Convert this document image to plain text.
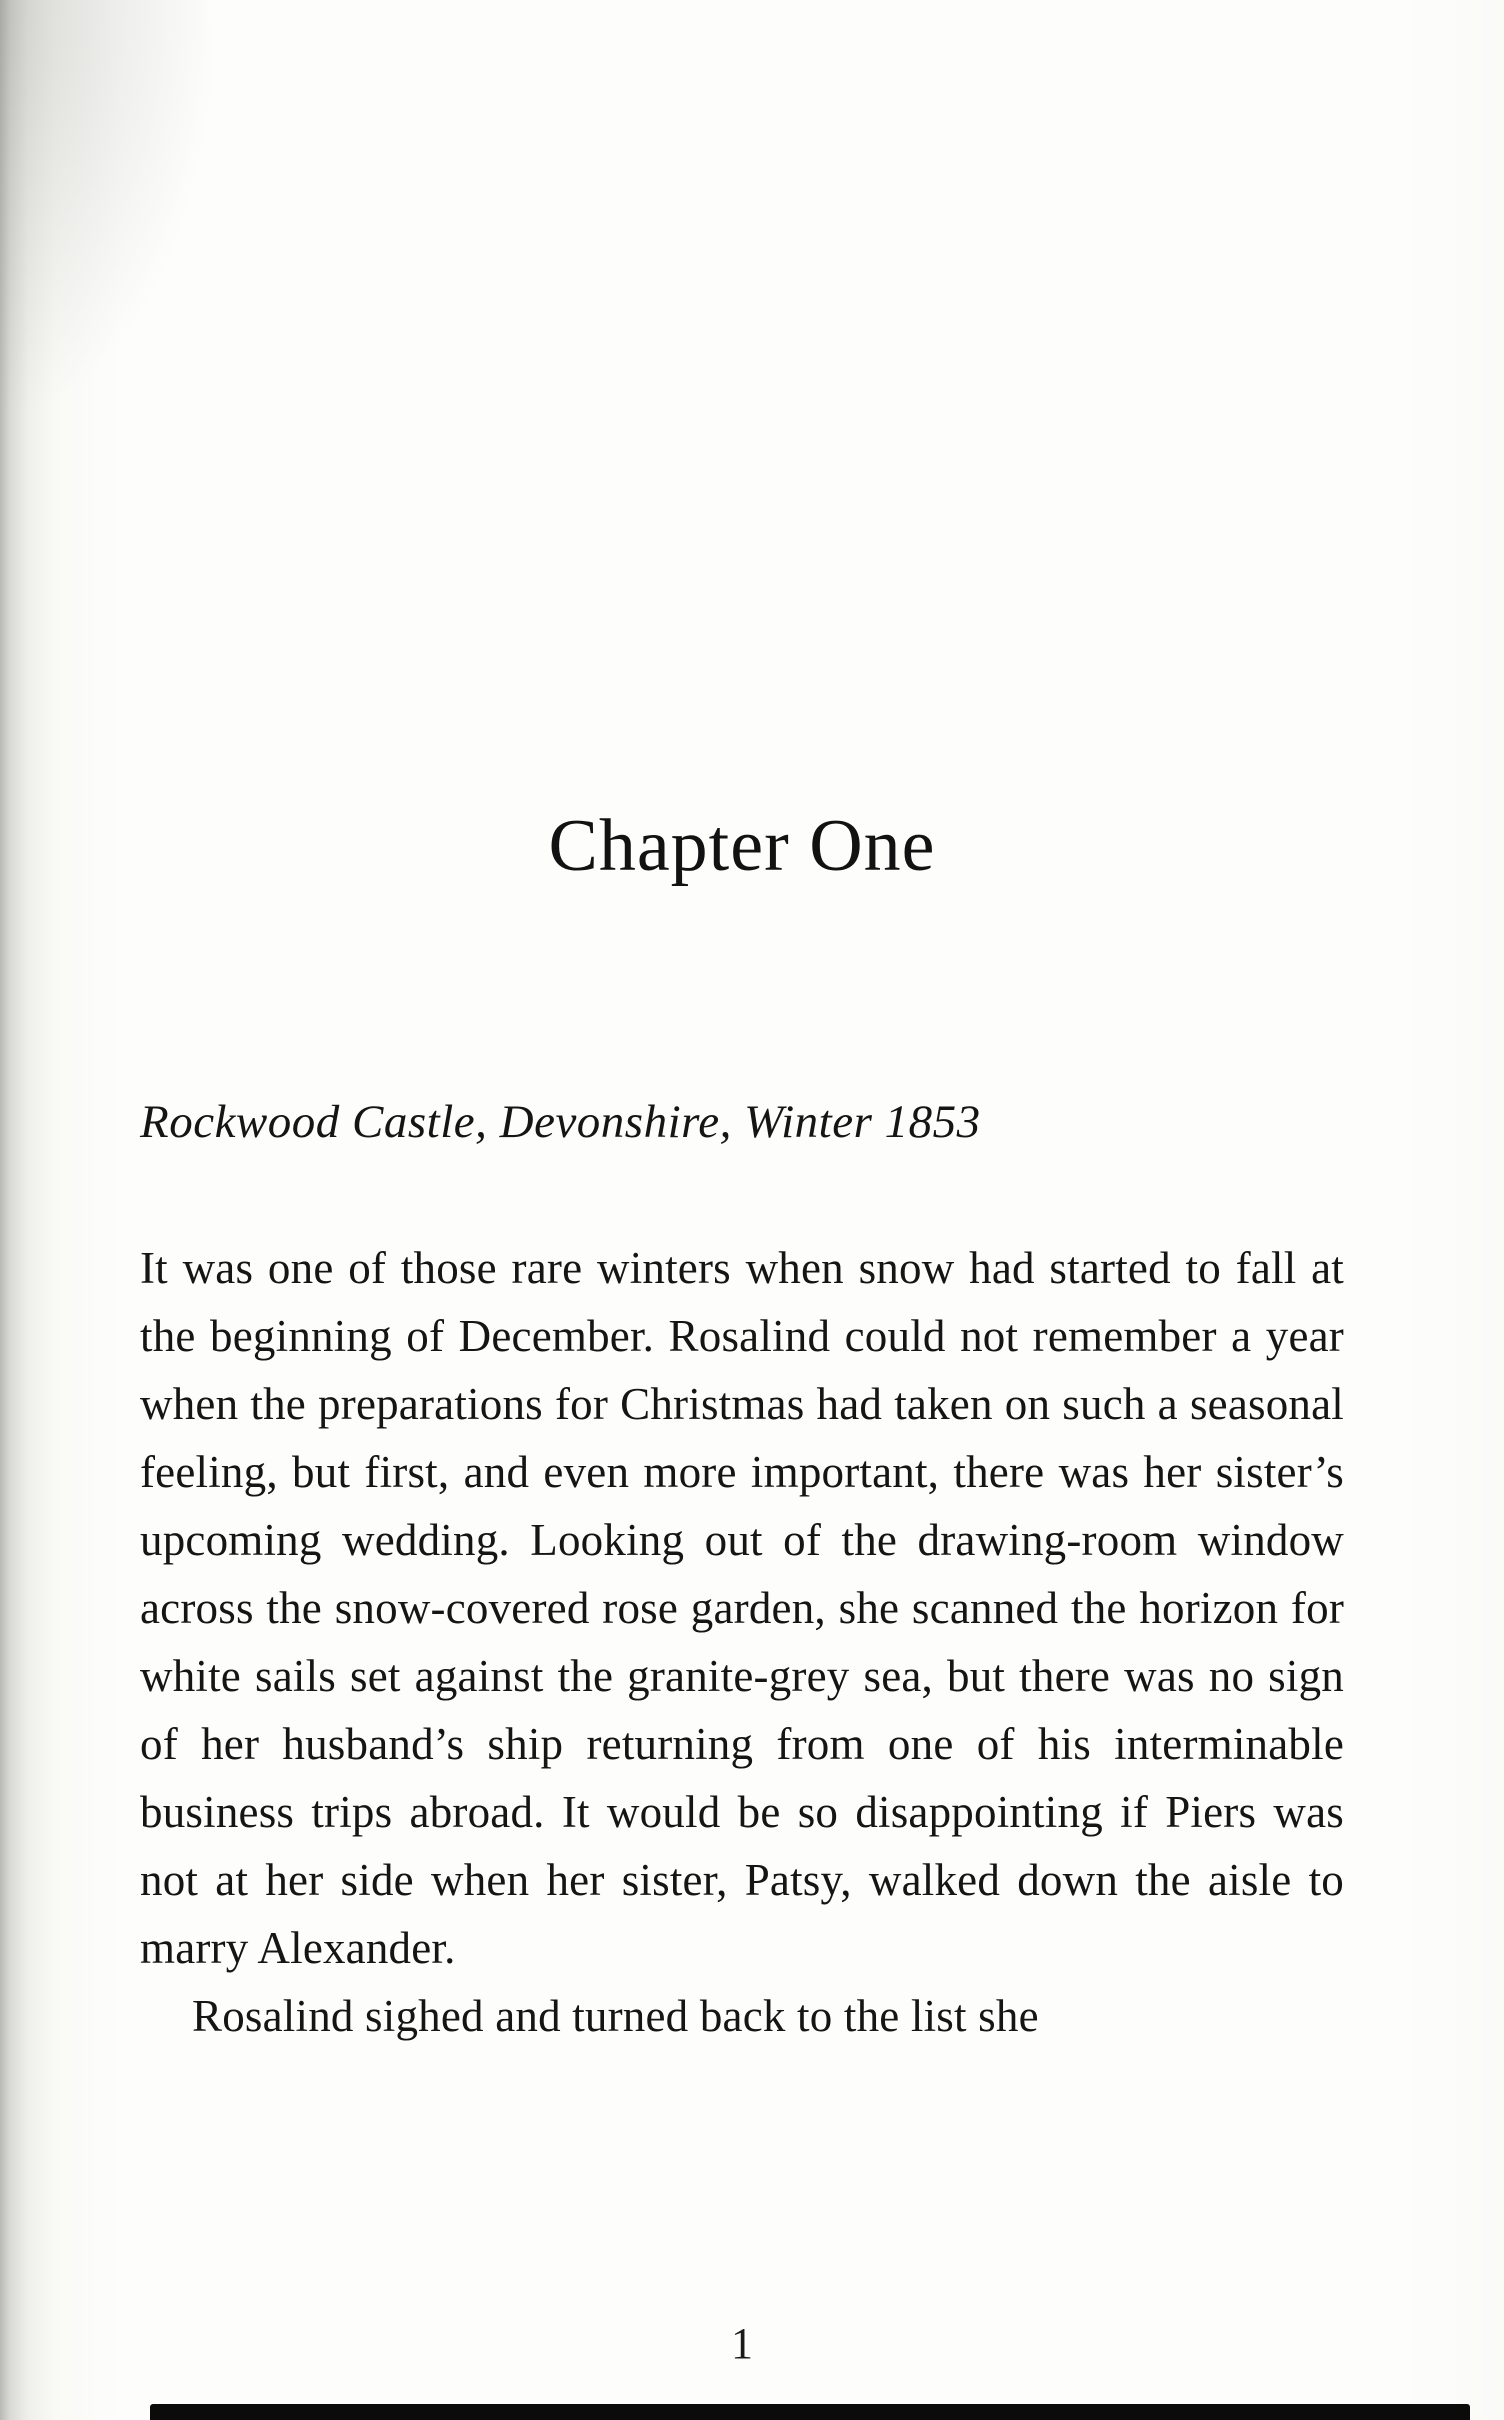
Chapter One

Rockwood Castle, Devonshire, Winter 1853

It was one of those rare winters when snow had started to fall at the beginning of December. Rosalind could not remember a year when the preparations for Christmas had taken on such a seasonal feeling, but first, and even more important, there was her sister’s upcoming wedding. Looking out of the drawing-room window across the snow-covered rose garden, she scanned the horizon for white sails set against the granite-grey sea, but there was no sign of her husband’s ship returning from one of his interminable business trips abroad. It would be so disappointing if Piers was not at her side when her sister, Patsy, walked down the aisle to marry Alexander.

Rosalind sighed and turned back to the list she

1
